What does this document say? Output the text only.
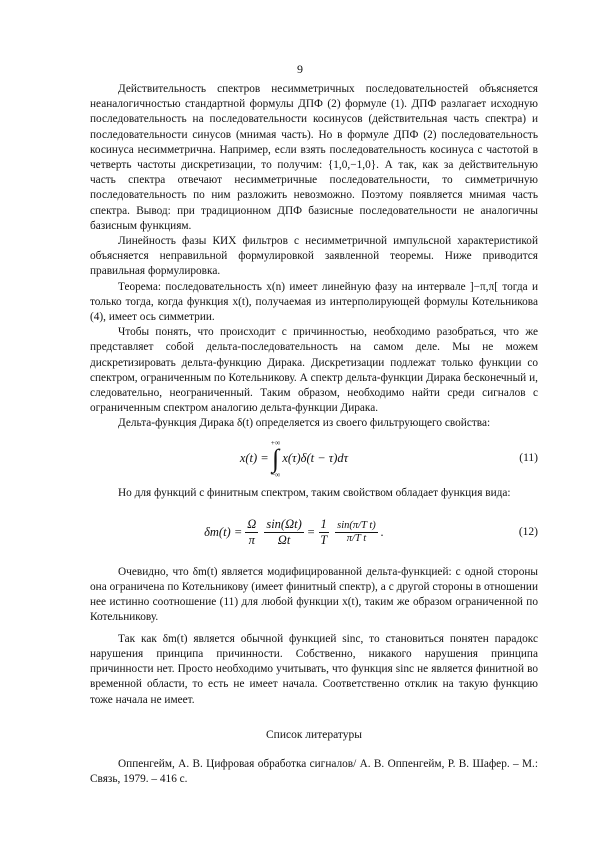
9

Действительность спектров несимметричных последовательностей объясняется неаналогичностью стандартной формулы ДПФ (2) формуле (1). ДПФ разлагает исходную последовательность на последовательности косинусов (действительная часть спектра) и последовательности синусов (мнимая часть). Но в формуле ДПФ (2) последовательность косинуса несимметрична. Например, если взять последовательность косинуса с частотой в четверть частоты дискретизации, то получим: {1,0,−1,0}. А так, как за действительную часть спектра отвечают несимметричные последовательности, то симметричную последовательность по ним разложить невозможно. Поэтому появляется мнимая часть спектра. Вывод: при традиционном ДПФ базисные последовательности не аналогичны базисным функциям.

Линейность фазы КИХ фильтров с несимметричной импульсной характеристикой объясняется неправильной формулировкой заявленной теоремы. Ниже приводится правильная формулировка.

Теорема: последовательность x(n) имеет линейную фазу на интервале ]−π,π[ тогда и только тогда, когда функция x(t), получаемая из интерполирующей формулы Котельникова (4), имеет ось симметрии.

Чтобы понять, что происходит с причинностью, необходимо разобраться, что же представляет собой дельта-последовательность на самом деле. Мы не можем дискретизировать дельта-функцию Дирака. Дискретизации подлежат только функции со спектром, ограниченным по Котельникову. А спектр дельта-функции Дирака бесконечный и, следовательно, неограниченный. Таким образом, необходимо найти среди сигналов с ограниченным спектром аналогию дельта-функции Дирака.

Дельта-функция Дирака δ(t) определяется из своего фильтрующего свойства:

x(t) =
+∞
∫
−∞
x(τ)δ(t − τ)dτ	(11)

Но для функций с финитным спектром, таким свойством обладает функция вида:

$\delta m(t) = \frac{\Omega}{\pi} \frac{\sin(\Omega t)}{\Omega t} = \frac{1}{T} \frac{\text{sin(π/T t)}}{\text{π/T t}}$ .	(12)

Очевидно, что δm(t) является модифицированной дельта-функцией: с одной стороны она ограничена по Котельникову (имеет финитный спектр), а с другой стороны в отношении нее истинно соотношение (11) для любой функции x(t), таким же образом ограниченной по Котельникову.

Так как δm(t) является обычной функцией sinc, то становиться понятен парадокс нарушения принципа причинности. Собственно, никакого нарушения принципа причинности нет. Просто необходимо учитывать, что функция sinc не является финитной во временной области, то есть не имеет начала. Соответственно отклик на такую функцию тоже начала не имеет.

Список литературы

Оппенгейм, А. В. Цифровая обработка сигналов/ А. В. Оппенгейм, Р. В. Шафер. – М.: Связь, 1979. – 416 с.
